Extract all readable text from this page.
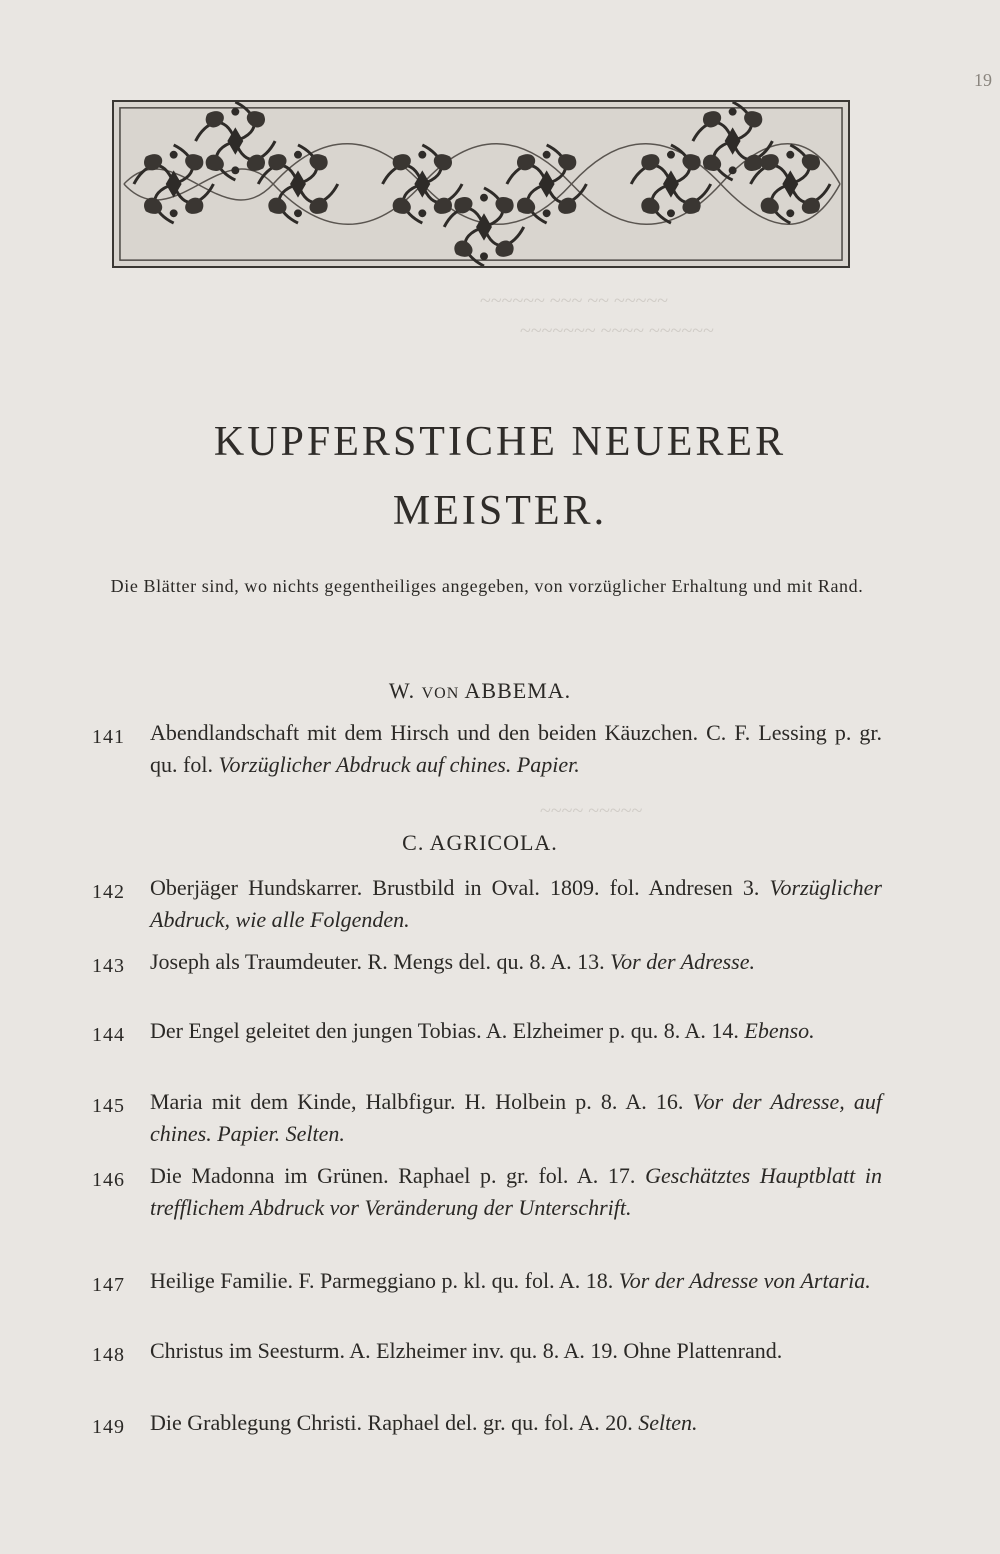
19
~~~~~~ ~~~ ~~ ~~~~~
~~~~~~~ ~~~~ ~~~~~~
~~~~ ~~~~~
KUPFERSTICHE NEUERER
MEISTER.
Die Blätter sind, wo nichts gegentheiliges angegeben, von vorzüglicher Erhaltung und mit Rand.
W. VON ABBEMA.
141	Abendlandschaft mit dem Hirsch und den beiden Käuzchen. C. F. Lessing p. gr. qu. fol. Vorzüglicher Abdruck auf chines. Papier.
C. AGRICOLA.
142	Oberjäger Hundskarrer. Brustbild in Oval. 1809. fol. Andresen 3. Vorzüglicher Abdruck, wie alle Folgenden.
143	Joseph als Traumdeuter. R. Mengs del. qu. 8. A. 13. Vor der Adresse.
144	Der Engel geleitet den jungen Tobias. A. Elzheimer p. qu. 8. A. 14. Ebenso.
145	Maria mit dem Kinde, Halbfigur. H. Holbein p. 8. A. 16. Vor der Adresse, auf chines. Papier. Selten.
146	Die Madonna im Grünen. Raphael p. gr. fol. A. 17. Geschätztes Hauptblatt in trefflichem Abdruck vor Veränderung der Unterschrift.
147	Heilige Familie. F. Parmeggiano p. kl. qu. fol. A. 18. Vor der Adresse von Artaria.
148	Christus im Seesturm. A. Elzheimer inv. qu. 8. A. 19. Ohne Plattenrand.
149	Die Grablegung Christi. Raphael del. gr. qu. fol. A. 20. Selten.
